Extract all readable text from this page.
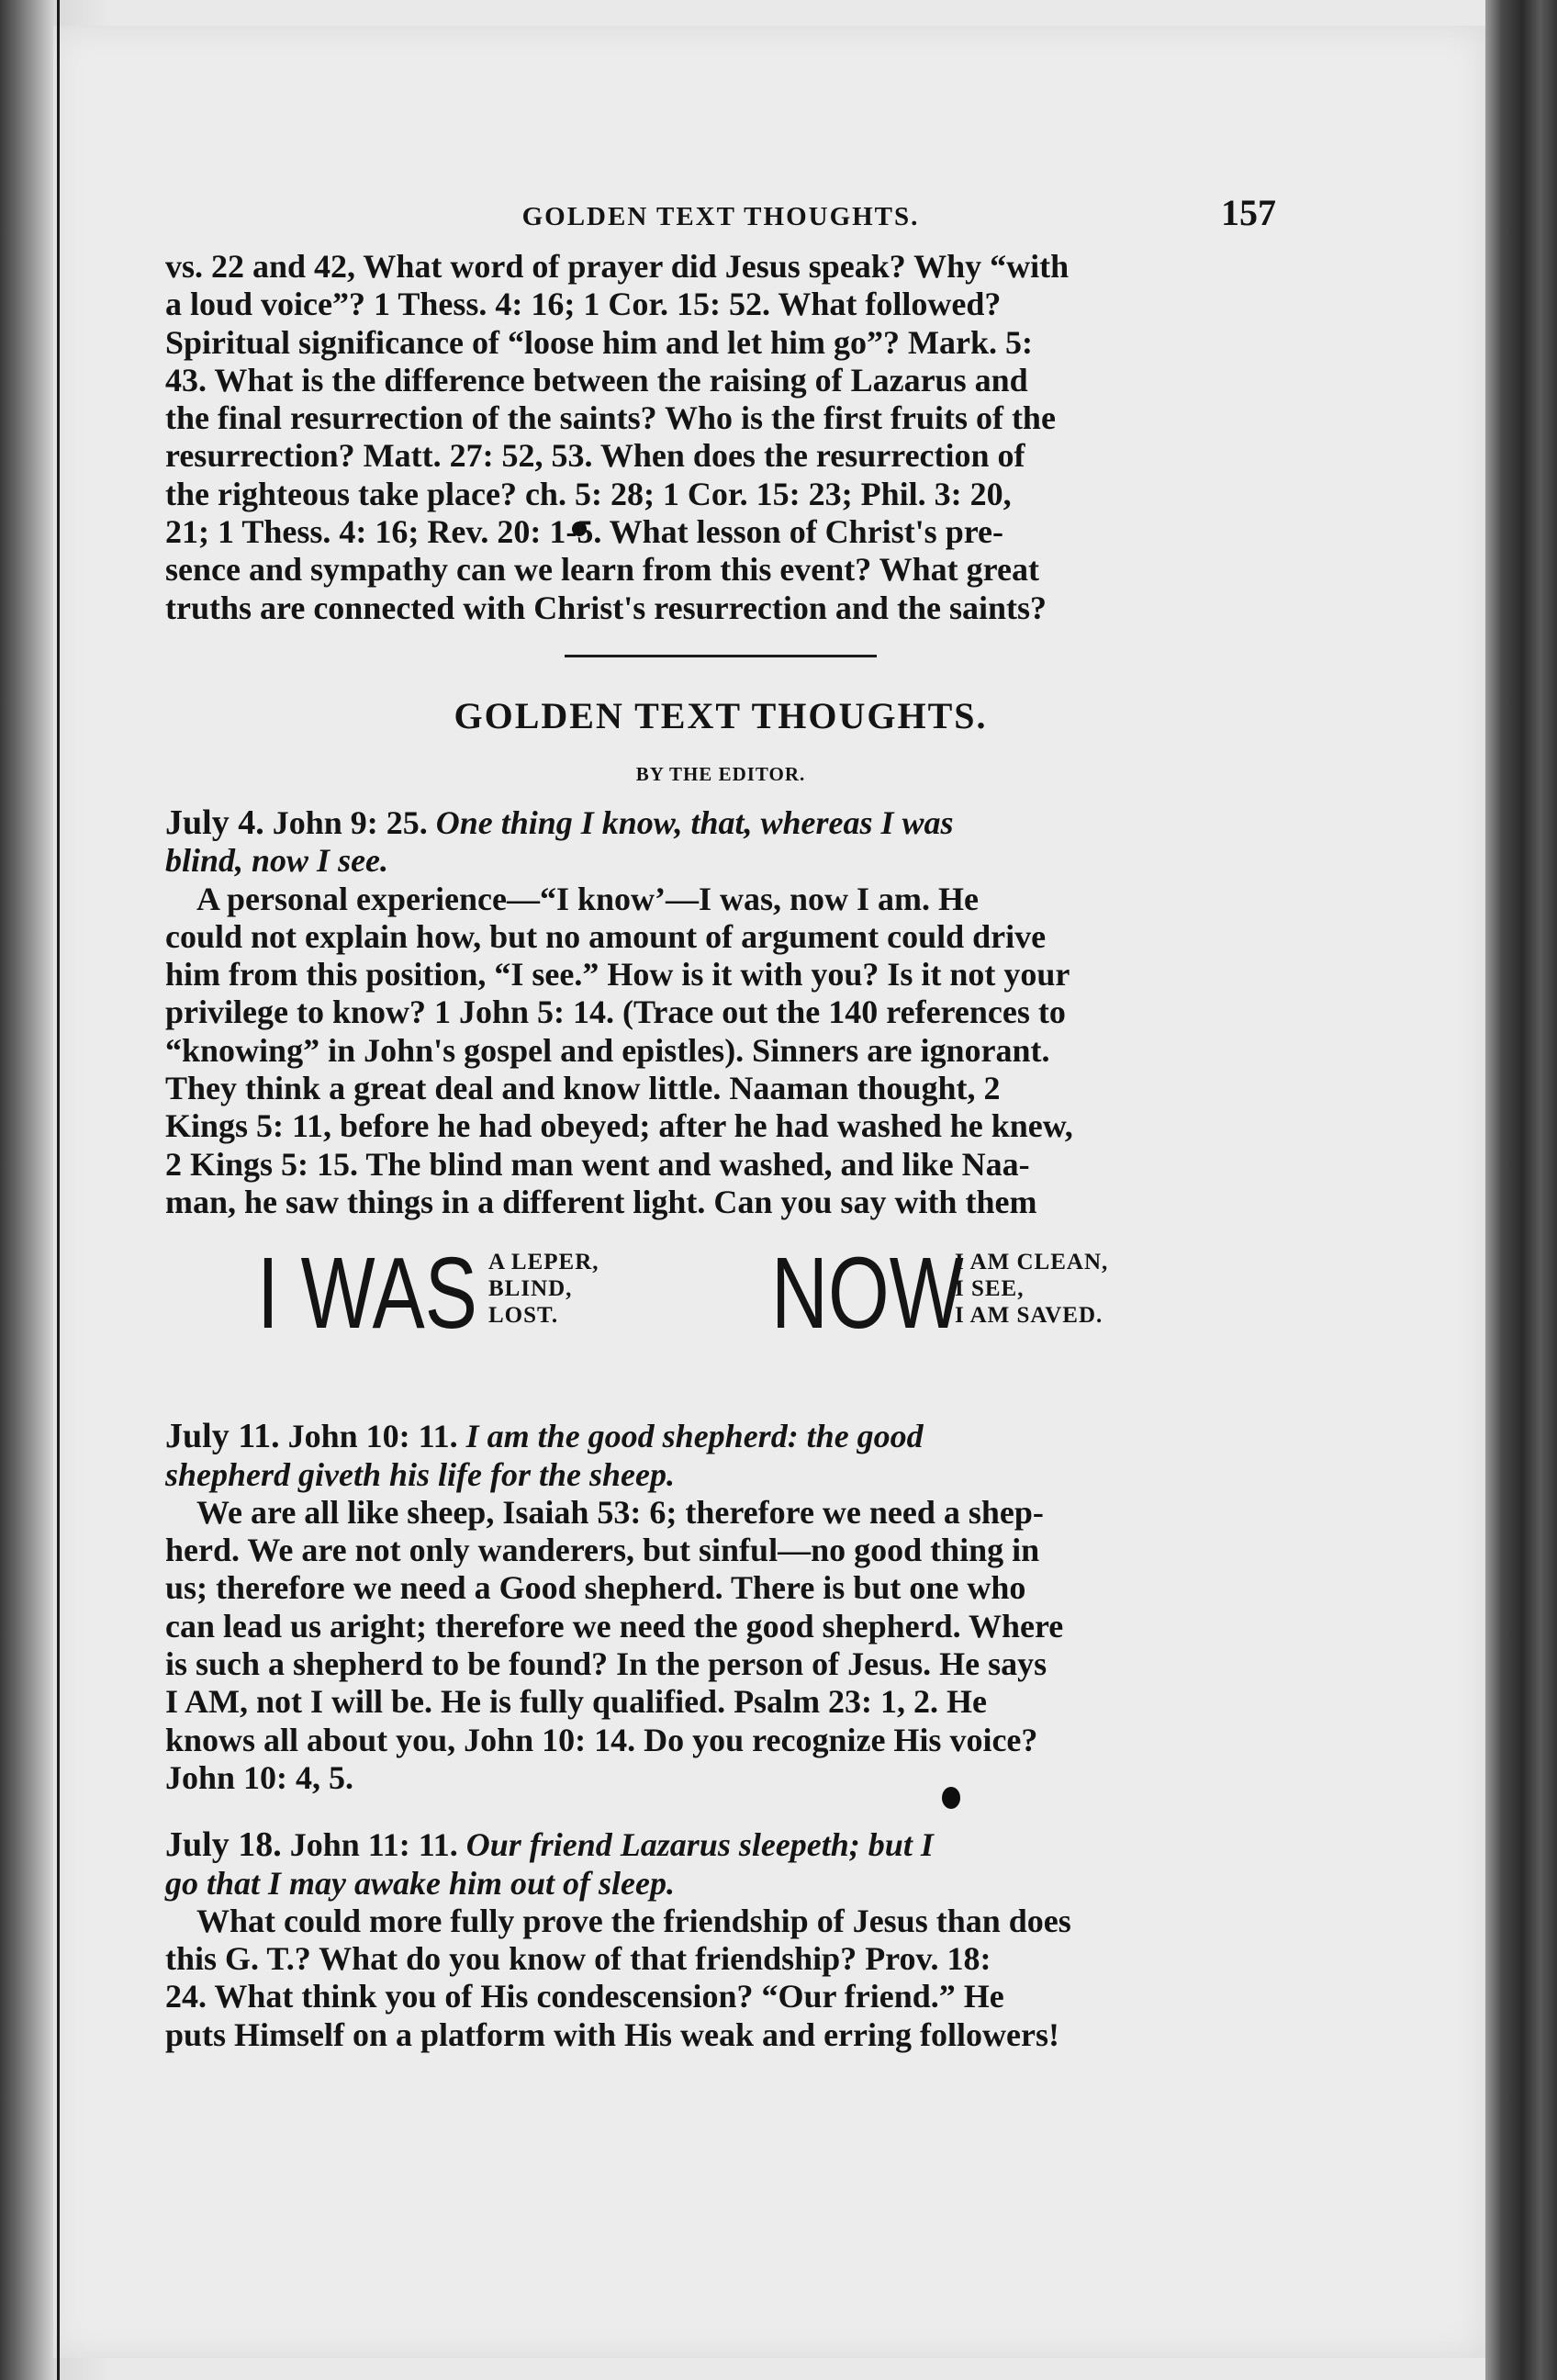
GOLDEN TEXT THOUGHTS.	157

vs. 22 and 42, What word of prayer did Jesus speak? Why “with

a loud voice”? 1 Thess. 4: 16; 1 Cor. 15: 52. What followed?

Spiritual significance of “loose him and let him go”? Mark. 5:

43. What is the difference between the raising of Lazarus and

the final resurrection of the saints? Who is the first fruits of the

resurrection? Matt. 27: 52, 53. When does the resurrection of

the righteous take place? ch. 5: 28; 1 Cor. 15: 23; Phil. 3: 20,

21; 1 Thess. 4: 16; Rev. 20: 1-5. What lesson of Christ's pre-

sence and sympathy can we learn from this event? What great

truths are connected with Christ's resurrection and the saints?

GOLDEN TEXT THOUGHTS.
BY THE EDITOR.

July 4. John 9: 25. One thing I know, that, whereas I was

blind, now I see.

A personal experience—“I know’—I was, now I am. He

could not explain how, but no amount of argument could drive

him from this position, “I see.” How is it with you? Is it not your

privilege to know? 1 John 5: 14. (Trace out the 140 references to

“knowing” in John's gospel and epistles). Sinners are ignorant.

They think a great deal and know little. Naaman thought, 2

Kings 5: 11, before he had obeyed; after he had washed he knew,

2 Kings 5: 15. The blind man went and washed, and like Naa-

man, he saw things in a different light. Can you say with them

I WAS A LEPER,
BLIND,
LOST.	NOW
I AM CLEAN,
I SEE,
I AM SAVED.

July 11. John 10: 11. I am the good shepherd: the good

shepherd giveth his life for the sheep.

We are all like sheep, Isaiah 53: 6; therefore we need a shep-

herd. We are not only wanderers, but sinful—no good thing in

us; therefore we need a Good shepherd. There is but one who

can lead us aright; therefore we need the good shepherd. Where

is such a shepherd to be found? In the person of Jesus. He says

I AM, not I will be. He is fully qualified. Psalm 23: 1, 2. He

knows all about you, John 10: 14. Do you recognize His voice?

John 10: 4, 5.

July 18. John 11: 11. Our friend Lazarus sleepeth; but I

go that I may awake him out of sleep.

What could more fully prove the friendship of Jesus than does

this G. T.? What do you know of that friendship? Prov. 18:

24. What think you of His condescension? “Our friend.” He

puts Himself on a platform with His weak and erring followers!
